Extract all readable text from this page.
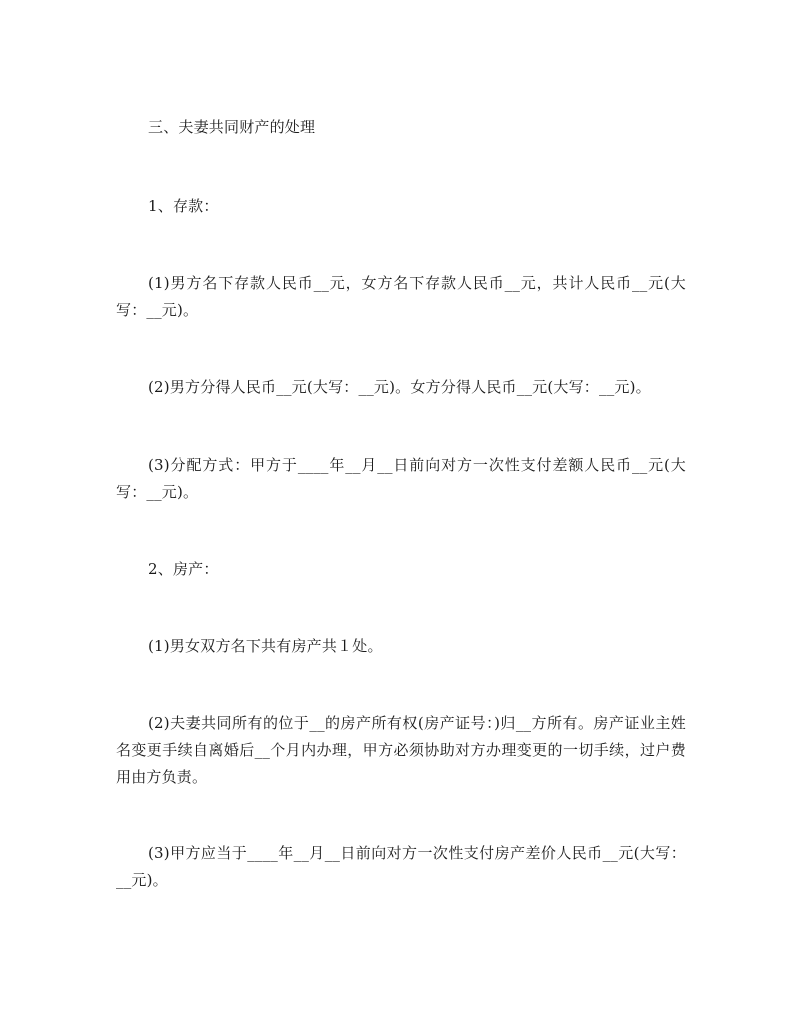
三、夫妻共同财产的处理

1、存款：

(1)男方名下存款人民币__元，女方名下存款人民币__元，共计人民币__元(大写：__元)。

(2)男方分得人民币__元(大写：__元)。女方分得人民币__元(大写：__元)。

(3)分配方式：甲方于____年__月__日前向对方一次性支付差额人民币__元(大写：__元)。

2、房产：

(1)男女双方名下共有房产共１处。

(2)夫妻共同所有的位于__的房产所有权(房产证号：)归__方所有。房产证业主姓名变更手续自离婚后__个月内办理，甲方必须协助对方办理变更的一切手续，过户费用由方负责。

(3)甲方应当于____年__月__日前向对方一次性支付房产差价人民币__元(大写：__元)。
